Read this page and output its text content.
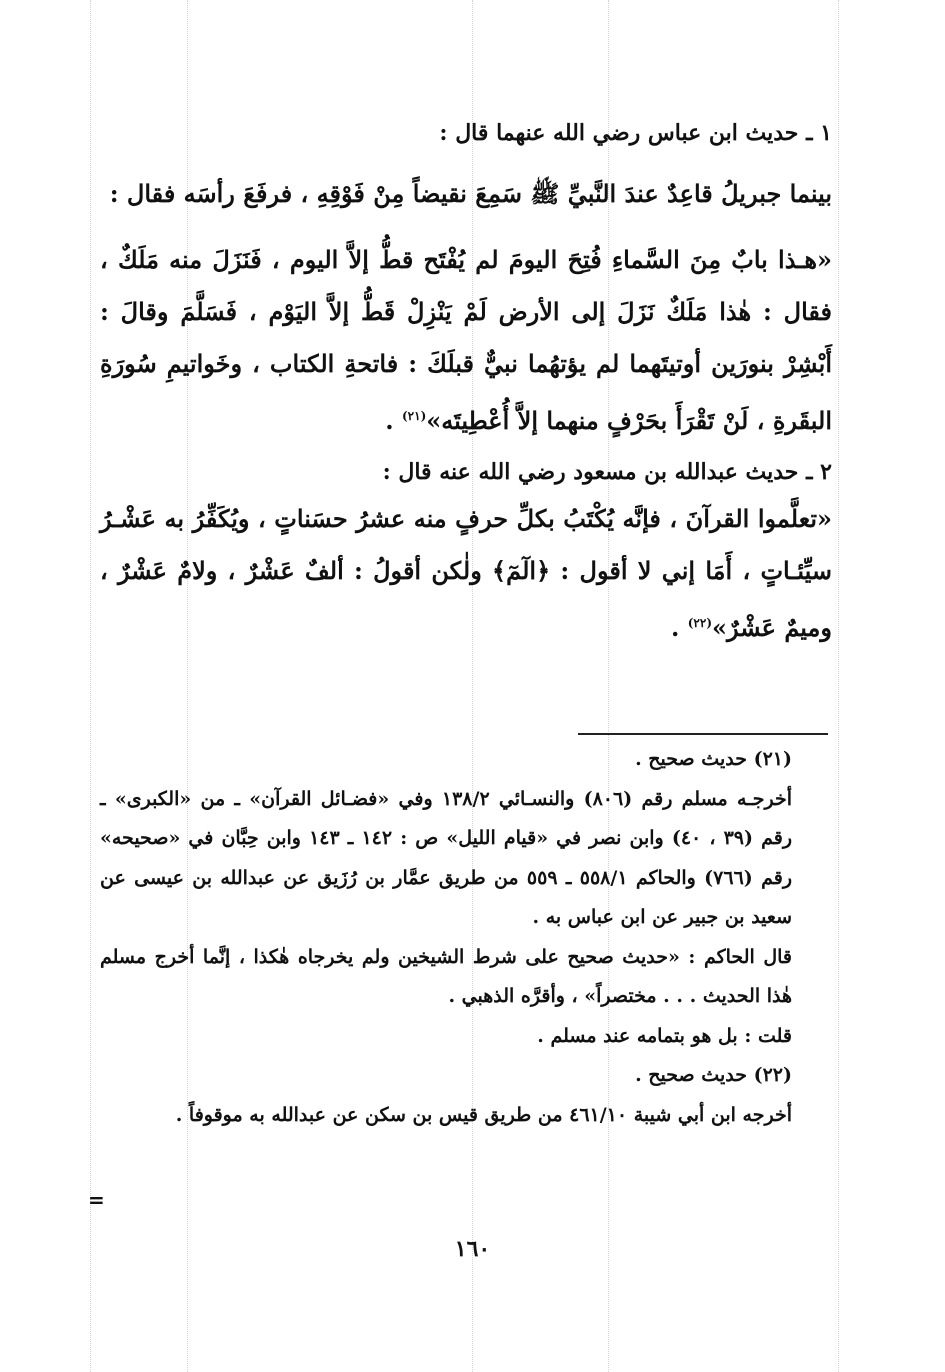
١ ـ حديث ابن عباس رضي الله عنهما قال :

بينما جبريلُ قاعِدٌ عندَ النَّبيِّ ﷺ سَمِعَ نقيضاً مِنْ فَوْقِهِ ، فرفَعَ رأسَه فقال :

«هـذا بابٌ مِنَ السَّماءِ فُتِحَ اليومَ لم يُفْتَح قطُّ إلاَّ اليوم ، فَنَزَلَ منه مَلَكٌ ، فقال : هٰذا مَلَكٌ نَزَلَ إلى الأرض لَمْ يَنْزِلْ قَطُّ إلاَّ اليَوْم ، فَسَلَّمَ وقالَ : أَبْشِرْ بنورَين أوتيتَهما لم يؤتهُما نبيٌّ قبلَكَ : فاتحةِ الكتاب ، وخَواتيمِ سُورَةِ البقَرةِ ، لَنْ تَقْرَأَ بحَرْفٍ منهما إلاَّ أُعْطِيتَه»$^{(٢١)}$ .

٢ ـ حديث عبدالله بن مسعود رضي الله عنه قال :

«تعلَّموا القرآنَ ، فإنَّه يُكْتَبُ بكلِّ حرفٍ منه عشرُ حسَناتٍ ، ويُكَفِّرُ به عَشْـرُ سيِّئـاتٍ ، أَمَا إني لا أقول : ﴿الٓمٓ﴾ ولٰكن أقولُ : ألفٌ عَشْرٌ ، ولامٌ عَشْرٌ ، وميمٌ عَشْرٌ»$^{(٢٢)}$ .

(٢١) حديث صحيح .

أخرجـه مسلم رقم (٨٠٦) والنسـائي ١٣٨/٢ وفي «فضـائل القرآن» ـ من «الكبرى» ـ رقم (٣٩ ، ٤٠) وابن نصر في «قيام الليل» ص : ١٤٢ ـ ١٤٣ وابن حِبَّان في «صحيحه» رقم (٧٦٦) والحاكم ٥٥٨/١ ـ ٥٥٩ من طريق عمَّار بن رُزَيق عن عبدالله بن عيسى عن سعيد بن جبير عن ابن عباس به .

قال الحاكم : «حديث صحيح على شرط الشيخين ولم يخرجاه هٰكذا ، إنَّما أخرج مسلم هٰذا الحديث . . . مختصراً» ، وأقرَّه الذهبي .

قلت : بل هو بتمامه عند مسلم .

(٢٢) حديث صحيح .

أخرجه ابن أبي شيبة ٤٦١/١٠ من طريق قيس بن سكن عن عبدالله به موقوفاً .

=
١٦٠
